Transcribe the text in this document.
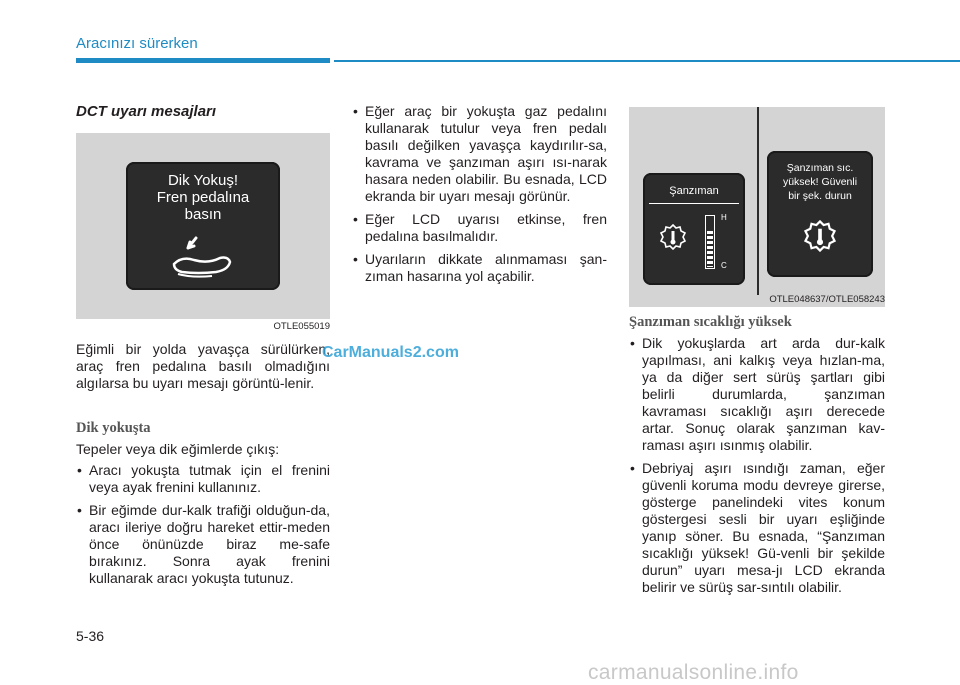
Aracınızı sürerken
DCT uyarı mesajları
Dik Yokuş!
Fren pedalına
basın
OTLE055019
Eğimli bir yolda yavaşça sürülürken, araç fren pedalına basılı olmadığını algılarsa bu uyarı mesajı görüntü-lenir.
Dik yokuşta
Tepeler veya dik eğimlerde çıkış:
• Aracı yokuşta tutmak için el frenini veya ayak frenini kullanınız.
• Bir eğimde dur-kalk trafiği olduğun-da, aracı ileriye doğru hareket ettir-meden önce önünüzde biraz me-safe bırakınız. Sonra ayak frenini kullanarak aracı yokuşta tutunuz.
• Eğer araç bir yokuşta gaz pedalını kullanarak tutulur veya fren pedalı basılı değilken yavaşça kaydırılır-sa, kavrama ve şanzıman aşırı ısı-narak hasara neden olabilir. Bu esnada, LCD ekranda bir uyarı mesajı görünür.
• Eğer LCD uyarısı etkinse, fren pedalına basılmalıdır.
• Uyarıların dikkate alınmaması şan-zıman hasarına yol açabilir.
Şanzıman
H
C
Şanzıman sıc.
yüksek! Güvenli
bir şek. durun
OTLE048637/OTLE058243
Şanzıman sıcaklığı yüksek
• Dik yokuşlarda art arda dur-kalk yapılması, ani kalkış veya hızlan-ma, ya da diğer sert sürüş şartları gibi belirli durumlarda, şanzıman kavraması sıcaklığı aşırı derecede artar. Sonuç olarak şanzıman kav-raması aşırı ısınmış olabilir.
• Debriyaj aşırı ısındığı zaman, eğer güvenli koruma modu devreye girerse, gösterge panelindeki vites konum göstergesi sesli bir uyarı eşliğinde yanıp söner. Bu esnada, “Şanzıman sıcaklığı yüksek! Gü-venli bir şekilde durun” uyarı mesa-jı LCD ekranda belirir ve sürüş sar-sıntılı olabilir.
CarManuals2.com
5-36
carmanualsonline.info
